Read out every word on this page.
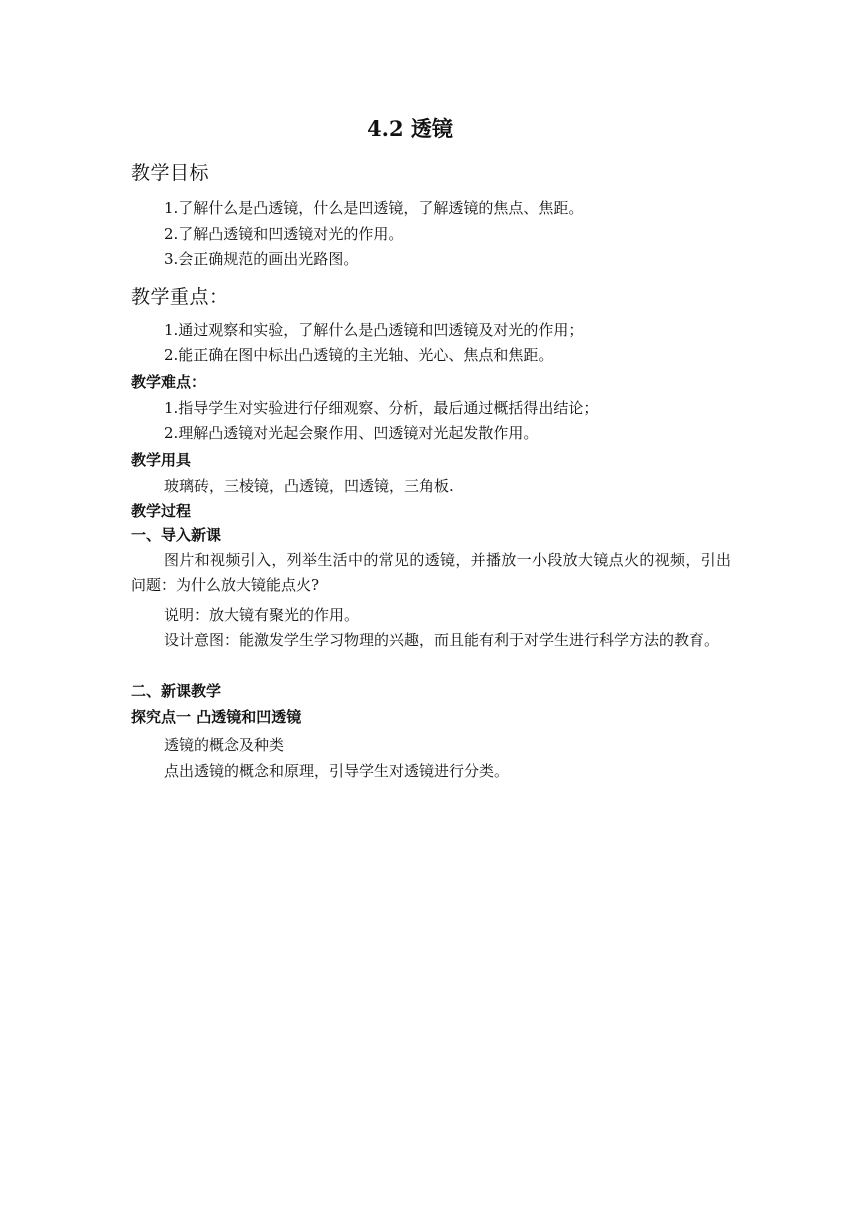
4.2 透镜
教学目标
1.了解什么是凸透镜，什么是凹透镜，了解透镜的焦点、焦距。
2.了解凸透镜和凹透镜对光的作用。
3.会正确规范的画出光路图。
教学重点：
1.通过观察和实验，了解什么是凸透镜和凹透镜及对光的作用；
2.能正确在图中标出凸透镜的主光轴、光心、焦点和焦距。
教学难点：
1.指导学生对实验进行仔细观察、分析，最后通过概括得出结论；
2.理解凸透镜对光起会聚作用、凹透镜对光起发散作用。
教学用具
玻璃砖，三棱镜，凸透镜，凹透镜，三角板.
教学过程
一、导入新课
图片和视频引入，列举生活中的常见的透镜，并播放一小段放大镜点火的视频，引出问题：为什么放大镜能点火?
说明：放大镜有聚光的作用。
设计意图：能激发学生学习物理的兴趣，而且能有利于对学生进行科学方法的教育。
二、新课教学
探究点一 凸透镜和凹透镜
透镜的概念及种类
点出透镜的概念和原理，引导学生对透镜进行分类。
